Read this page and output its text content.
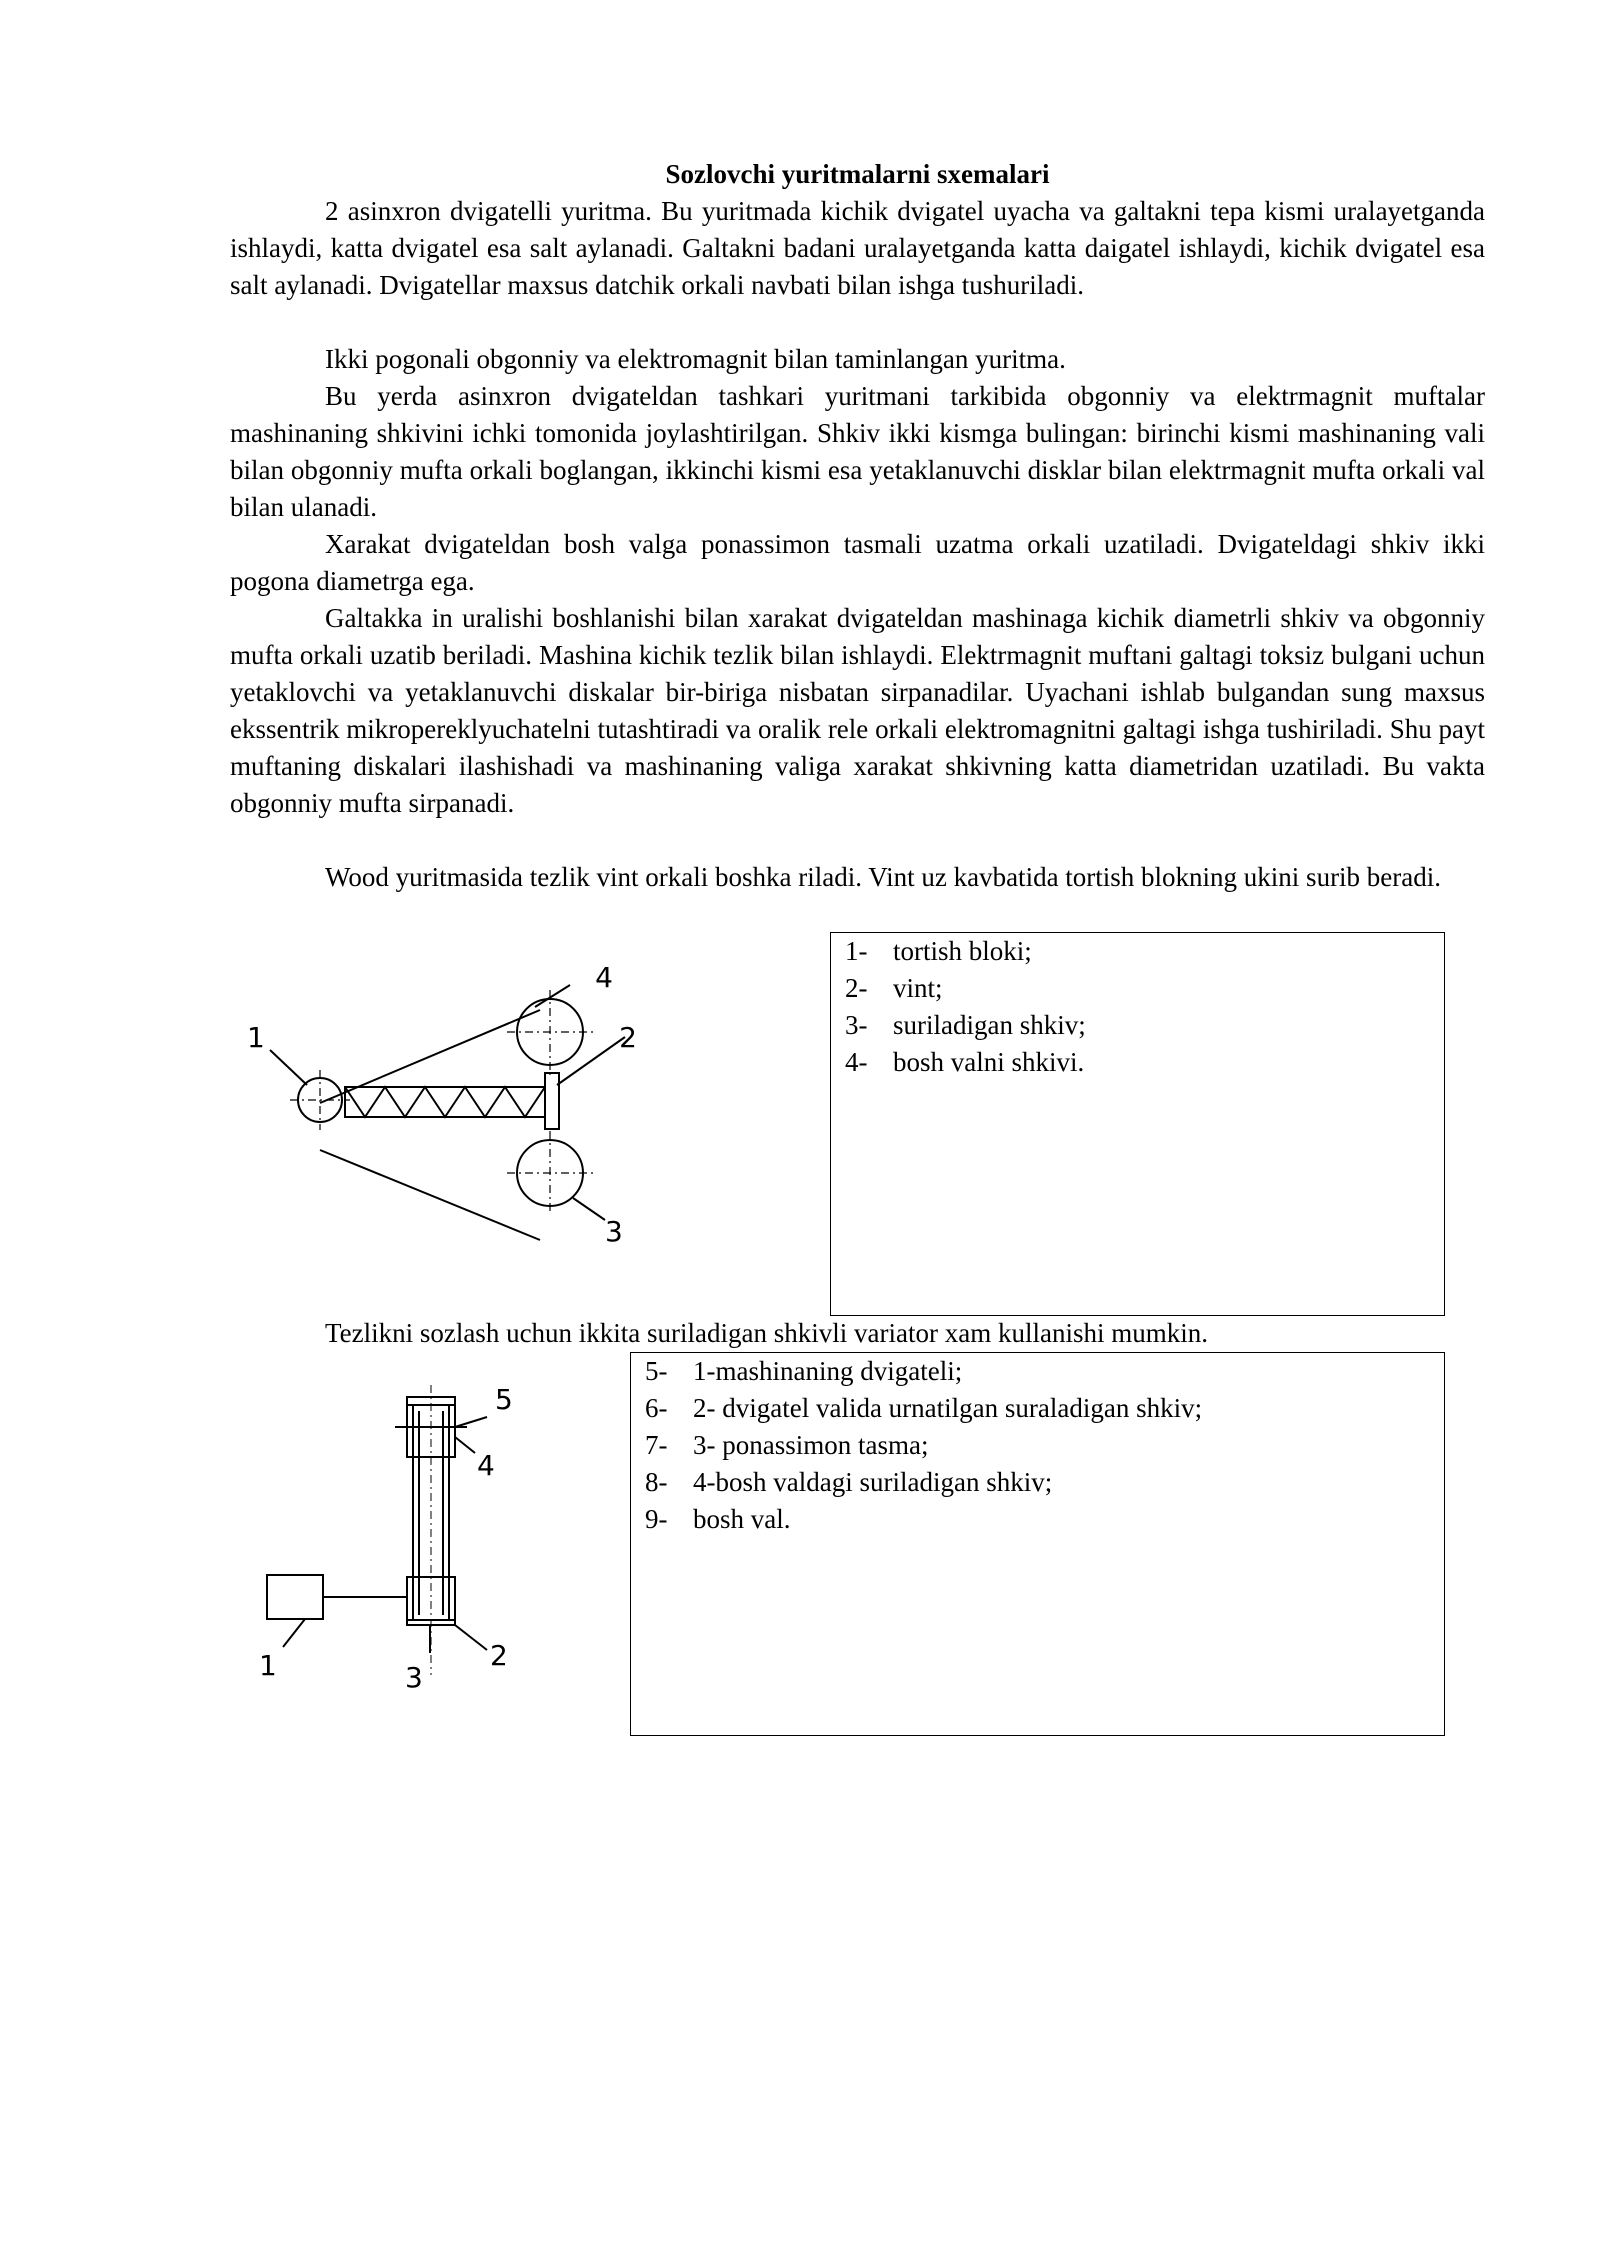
Sozlovchi yuritmalarni sxemalari

2 asinxron dvigatelli yuritma. Bu yuritmada kichik dvigatel uyacha va galtakni tepa kismi uralayetganda ishlaydi, katta dvigatel esa salt aylanadi. Galtakni badani uralayetganda katta daigatel ishlaydi, kichik dvigatel esa salt aylanadi. Dvigatellar maxsus datchik orkali navbati bilan ishga tushuriladi.

Ikki pogonali obgonniy va elektromagnit bilan taminlangan yuritma.

Bu yerda asinxron dvigateldan tashkari yuritmani tarkibida obgonniy va elektrmagnit muftalar mashinaning shkivini ichki tomonida joylashtirilgan. Shkiv ikki kismga bulingan: birinchi kismi mashinaning vali bilan obgonniy mufta orkali boglangan, ikkinchi kismi esa yetaklanuvchi disklar bilan elektrmagnit mufta orkali val bilan ulanadi.

Xarakat dvigateldan bosh valga ponassimon tasmali uzatma orkali uzatiladi. Dvigateldagi shkiv ikki pogona diametrga ega.

Galtakka in uralishi boshlanishi bilan xarakat dvigateldan mashinaga kichik diametrli shkiv va obgonniy mufta orkali uzatib beriladi. Mashina kichik tezlik bilan ishlaydi. Elektrmagnit muftani galtagi toksiz bulgani uchun yetaklovchi va yetaklanuvchi diskalar bir-biriga nisbatan sirpanadilar. Uyachani ishlab bulgandan sung maxsus ekssentrik mikropereklyuchatelni tutashtiradi va oralik rele orkali elektromagnitni galtagi ishga tushiriladi. Shu payt muftaning diskalari ilashishadi va mashinaning valiga xarakat shkivning katta diametridan uzatiladi. Bu vakta obgonniy mufta sirpanadi.

Wood yuritmasida tezlik vint orkali boshka riladi. Vint uz kavbatida tortish blokning ukini surib beradi.

1	2
3
4
1- tortish bloki;
2- vint;
3- suriladigan shkiv;
4- bosh valni shkivi.

Tezlikni sozlash uchun ikkita suriladigan shkivli variator xam kullanishi mumkin.

5
4
1	3
2
5- 1-mashinaning dvigateli;
6- 2- dvigatel valida urnatilgan suraladigan shkiv;
7- 3- ponassimon tasma;
8- 4-bosh valdagi suriladigan shkiv;
9- bosh val.
